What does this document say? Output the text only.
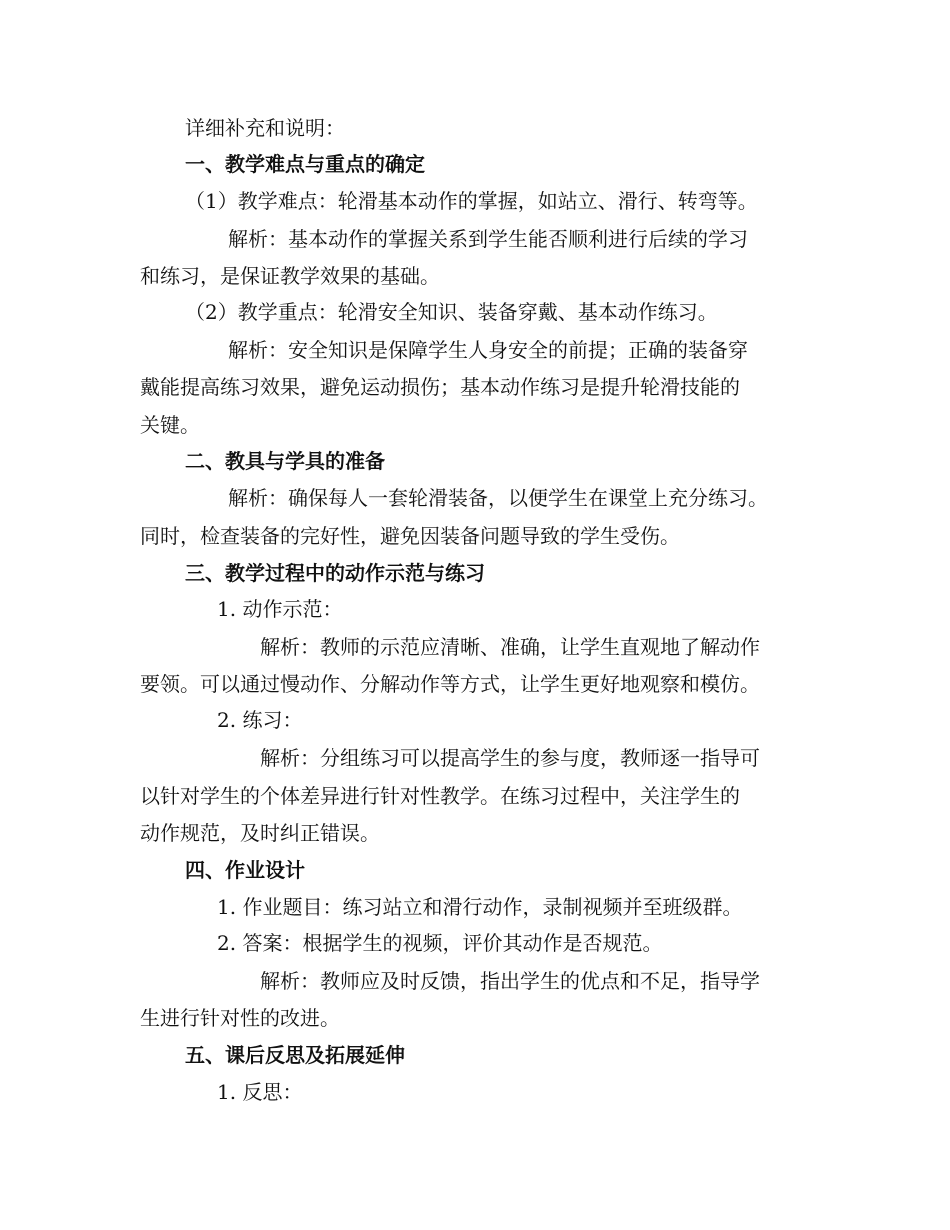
详细补充和说明：
一、教学难点与重点的确定
（1）教学难点：轮滑基本动作的掌握，如站立、滑行、转弯等。
解析：基本动作的掌握关系到学生能否顺利进行后续的学习
和练习，是保证教学效果的基础。
（2）教学重点：轮滑安全知识、装备穿戴、基本动作练习。
解析：安全知识是保障学生人身安全的前提；正确的装备穿
戴能提高练习效果，避免运动损伤；基本动作练习是提升轮滑技能的
关键。
二、教具与学具的准备
解析：确保每人一套轮滑装备，以便学生在课堂上充分练习。
同时，检查装备的完好性，避免因装备问题导致的学生受伤。
三、教学过程中的动作示范与练习
1. 动作示范：
解析：教师的示范应清晰、准确，让学生直观地了解动作
要领。可以通过慢动作、分解动作等方式，让学生更好地观察和模仿。
2. 练习：
解析：分组练习可以提高学生的参与度，教师逐一指导可
以针对学生的个体差异进行针对性教学。在练习过程中，关注学生的
动作规范，及时纠正错误。
四、作业设计
1. 作业题目：练习站立和滑行动作，录制视频并至班级群。
2. 答案：根据学生的视频，评价其动作是否规范。
解析：教师应及时反馈，指出学生的优点和不足，指导学
生进行针对性的改进。
五、课后反思及拓展延伸
1. 反思：
